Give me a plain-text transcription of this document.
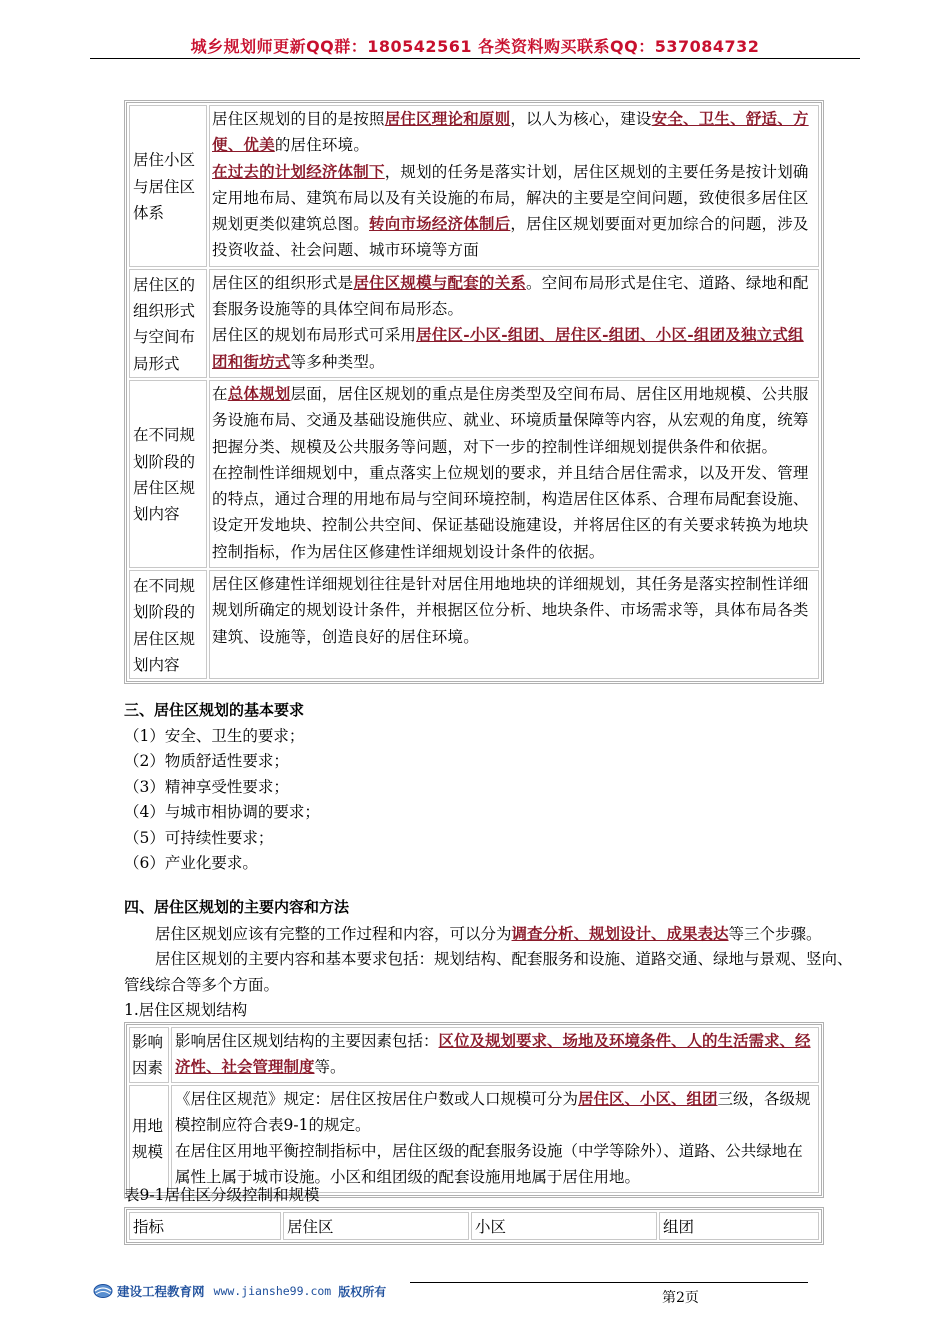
城乡规划师更新QQ群：180542561 各类资料购买联系QQ：537084732
居住小区与居住区体系	居住区规划的目的是按照居住区理论和原则，以人为核心，建设安全、卫生、舒适、方便、优美的居住环境。

在过去的计划经济体制下，规划的任务是落实计划，居住区规划的主要任务是按计划确定用地布局、建筑布局以及有关设施的布局，解决的主要是空间问题，致使很多居住区规划更类似建筑总图。转向市场经济体制后，居住区规划要面对更加综合的问题，涉及投资收益、社会问题、城市环境等方面

居住区的组织形式与空间布局形式	居住区的组织形式是居住区规模与配套的关系。空间布局形式是住宅、道路、绿地和配套服务设施等的具体空间布局形态。

居住区的规划布局形式可采用居住区-小区-组团、居住区-组团、小区-组团及独立式组团和街坊式等多种类型。

在不同规划阶段的居住区规划内容	在总体规划层面，居住区规划的重点是住房类型及空间布局、居住区用地规模、公共服务设施布局、交通及基础设施供应、就业、环境质量保障等内容，从宏观的角度，统筹把握分类、规模及公共服务等问题，对下一步的控制性详细规划提供条件和依据。

在控制性详细规划中，重点落实上位规划的要求，并且结合居住需求，以及开发、管理的特点，通过合理的用地布局与空间环境控制，构造居住区体系、合理布局配套设施、设定开发地块、控制公共空间、保证基础设施建设，并将居住区的有关要求转换为地块控制指标，作为居住区修建性详细规划设计条件的依据。

在不同规划阶段的居住区规划内容	居住区修建性详细规划往往是针对居住用地地块的详细规划，其任务是落实控制性详细规划所确定的规划设计条件，并根据区位分析、地块条件、市场需求等，具体布局各类建筑、设施等，创造良好的居住环境。

三、居住区规划的基本要求
（1）安全、卫生的要求；
（2）物质舒适性要求；
（3）精神享受性要求；
（4）与城市相协调的要求；
（5）可持续性要求；
（6）产业化要求。
四、居住区规划的主要内容和方法
居住区规划应该有完整的工作过程和内容，可以分为调查分析、规划设计、成果表达等三个步骤。
居住区规划的主要内容和基本要求包括：规划结构、配套服务和设施、道路交通、绿地与景观、竖向、管线综合等多个方面。
1.居住区规划结构
影响因素	影响居住区规划结构的主要因素包括：区位及规划要求、场地及环境条件、人的生活需求、经济性、社会管理制度等。

用地规模	《居住区规范》规定：居住区按居住户数或人口规模可分为居住区、小区、组团三级，各级规模控制应符合表9-1的规定。

在居住区用地平衡控制指标中，居住区级的配套服务设施（中学等除外）、道路、公共绿地在属性上属于城市设施。小区和组团级的配套设施用地属于居住用地。

表9-1居住区分级控制和规模
指标	居住区	小区	组团
建设工程教育网 www.jianshe99.com 版权所有	第2页
